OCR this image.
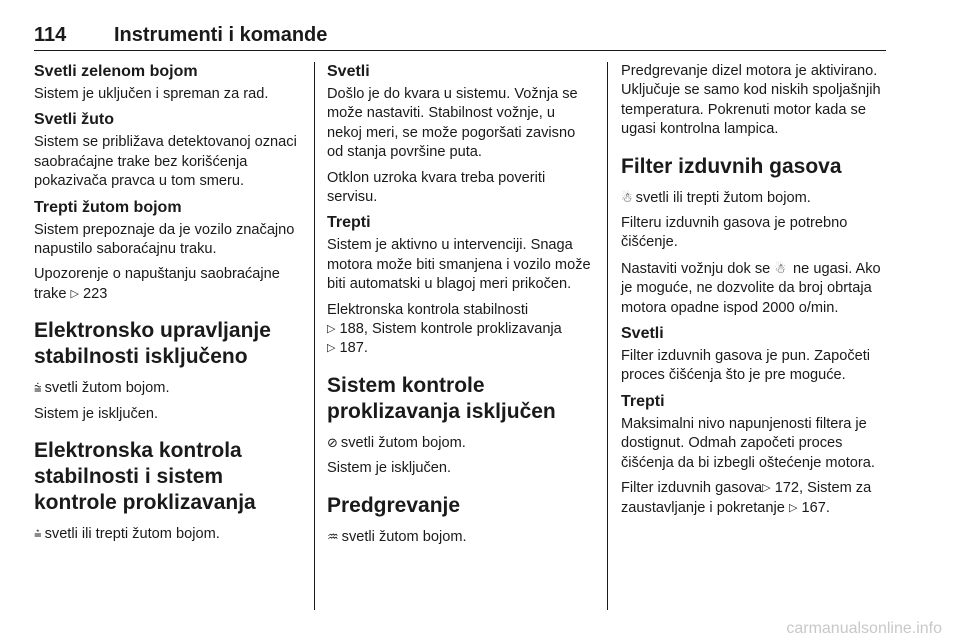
114 Instrumenti i komande

Svetli zelenom bojom

Sistem je uključen i spreman za rad.

Svetli žuto

Sistem se približava detektovanoj oznaci saobraćajne trake bez korišćenja pokazivača pravca u tom smeru.

Trepti žutom bojom

Sistem prepoznaje da je vozilo značajno napustilo saborаćajnu traku.

Upozorenje o napuštanju saobraćajne trake ▷ 223

Elektronsko upravljanje stabilnosti isključeno

⩭ svetli žutom bojom.

Sistem je isključen.

Elektronska kontrola stabilnosti i sistem kontrole proklizavanja

⩮ svetli ili trepti žutom bojom.

Svetli

Došlo je do kvara u sistemu. Vožnja se može nastaviti. Stabilnost vožnje, u nekoj meri, se može pogoršati zavisno od stanja površine puta.

Otklon uzroka kvara treba poveriti servisu.

Trepti

Sistem je aktivno u intervenciji. Snaga motora može biti smanjena i vozilo može biti automatski u blagoj meri prikočen.

Elektronska kontrola stabilnosti
▷ 188, Sistem kontrole proklizavanja
▷ 187.

Sistem kontrole proklizavanja isključen

⊘ svetli žutom bojom.

Sistem je isključen.

Predgrevanje

♒ svetli žutom bojom.

Predgrevanje dizel motora je aktivirano. Uključuje se samo kod niskih spoljašnjih temperatura. Pokrenuti motor kada se ugasi kontrolna lampica.

Filter izduvnih gasova

☃ svetli ili trepti žutom bojom.

Filteru izduvnih gasova je potrebno čišćenje.

Nastaviti vožnju dok se ☃ ne ugasi. Ako je moguće, ne dozvolite da broj obrtaja motora opadne ispod 2000 o/min.

Svetli

Filter izduvnih gasova je pun. Započeti proces čišćenja što je pre moguće.

Trepti

Maksimalni nivo napunjenosti filtera je dostignut. Odmah započeti proces čišćenja da bi izbegli oštećenje motora.

Filter izduvnih gasova▷ 172, Sistem za zaustavljanje i pokretanje ▷ 167.

carmanualsonline.info
